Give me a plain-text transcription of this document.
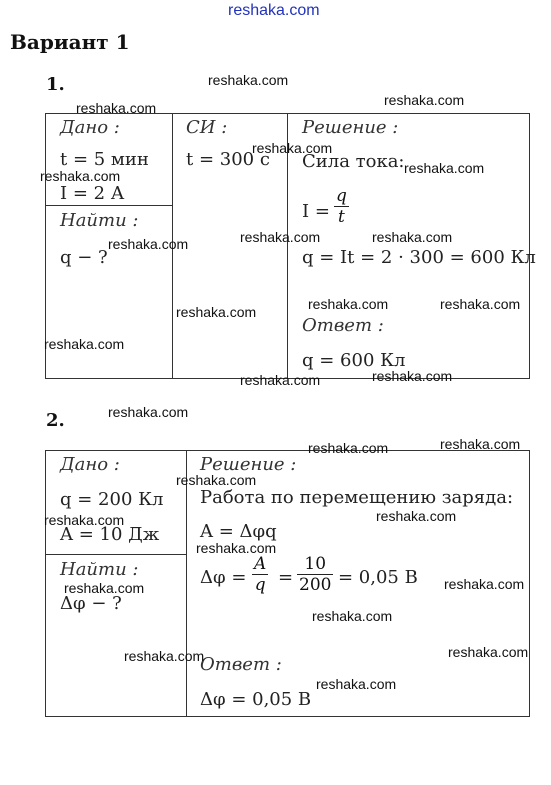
reshaka.com
Вариант 1
1.
Дано :
t = 5 мин
I = 2 А
СИ :
t = 300 с
Найти :
q − ?
Решение :
Сила тока:
I =
q
t
q = It = 2 · 300 = 600 Кл
Ответ :
q = 600 Кл
2.
Дано :
q = 200 Кл
A = 10 Дж
Найти :
Δφ − ?
Решение :
Работа по перемещению заряда:
A = Δφq
Δφ =
A
q =
10
200 = 0,05 В
Ответ :
Δφ = 0,05 В
reshaka.com
reshaka.com	reshaka.com
reshaka.com
reshaka.com	reshaka.com
reshaka.com	reshaka.com	reshaka.com
reshaka.com	reshaka.com
reshaka.com
reshaka.com
reshaka.com	reshaka.com
reshaka.com
reshaka.com	reshaka.com
reshaka.com
reshaka.com	reshaka.com
reshaka.com
reshaka.com	reshaka.com
reshaka.com
reshaka.com	reshaka.com
reshaka.com
